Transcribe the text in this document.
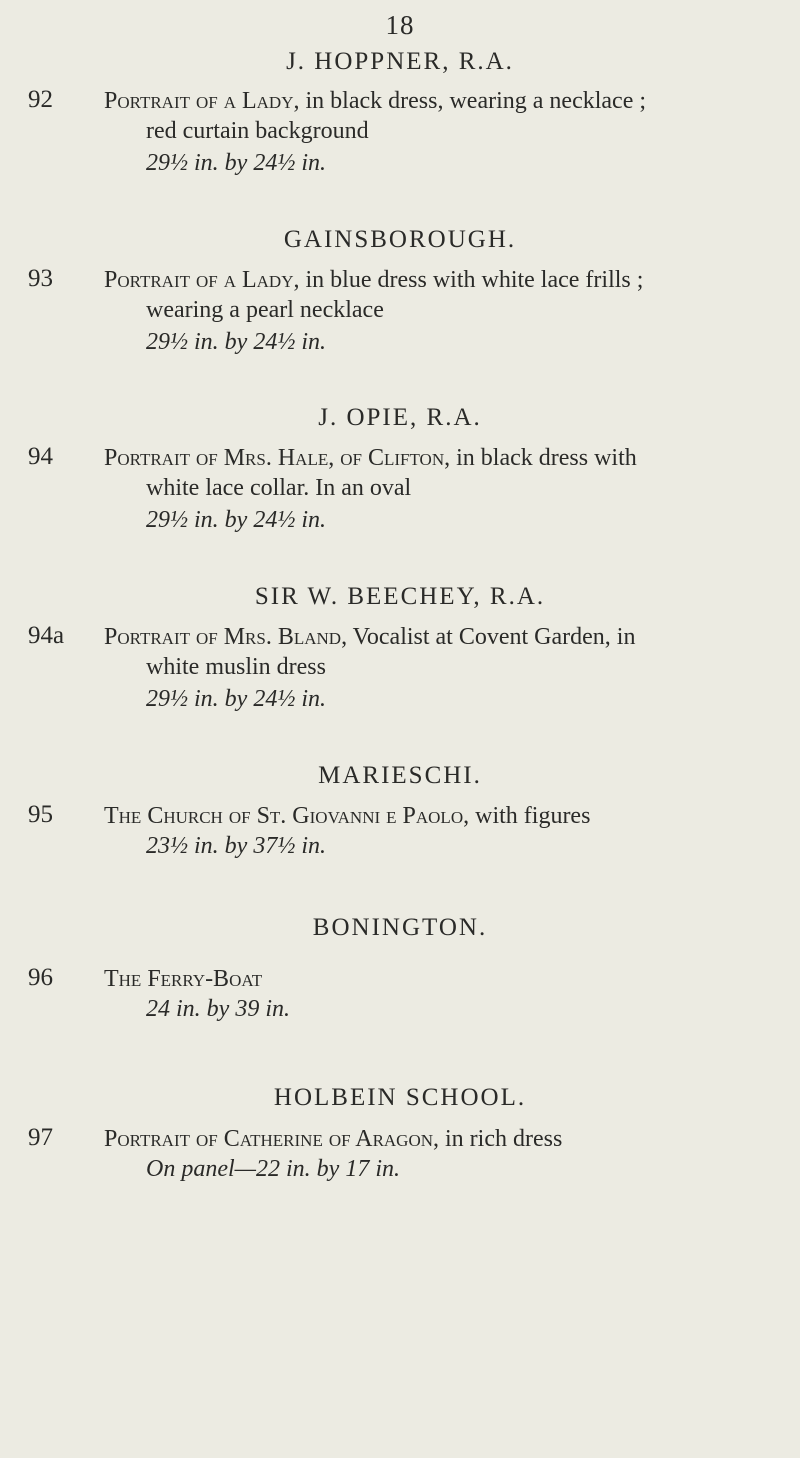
18
J. HOPPNER, R.A.
92 Portrait of a Lady, in black dress, wearing a necklace ;
red curtain background
29½ in. by 24½ in.
GAINSBOROUGH.
93 Portrait of a Lady, in blue dress with white lace frills ;
wearing a pearl necklace
29½ in. by 24½ in.
J. OPIE, R.A.
94 Portrait of Mrs. Hale, of Clifton, in black dress with
white lace collar. In an oval
29½ in. by 24½ in.
SIR W. BEECHEY, R.A.
94a Portrait of Mrs. Bland, Vocalist at Covent Garden, in
white muslin dress
29½ in. by 24½ in.
MARIESCHI.
95 The Church of St. Giovanni e Paolo, with figures
23½ in. by 37½ in.
BONINGTON.
96 The Ferry-Boat
24 in. by 39 in.
HOLBEIN SCHOOL.
97 Portrait of Catherine of Aragon, in rich dress
On panel—22 in. by 17 in.
